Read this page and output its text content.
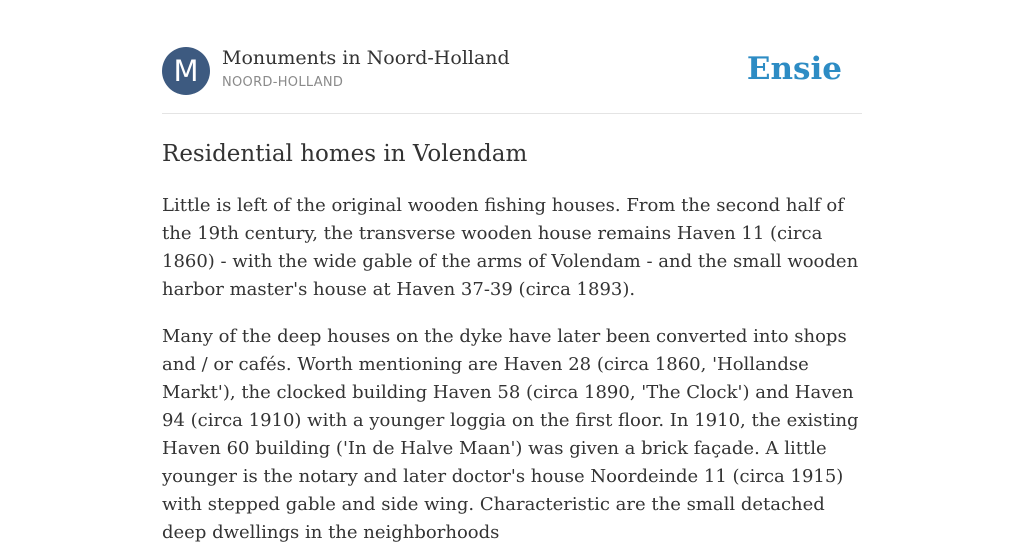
M	Monuments in Noord-Holland
NOORD-HOLLAND	Ensie
Residential homes in Volendam

Little is left of the original wooden fishing houses. From the second half of the 19th century, the transverse wooden house remains Haven 11 (circa 1860) - with the wide gable of the arms of Volendam - and the small wooden harbor master's house at Haven 37-39 (circa 1893).

Many of the deep houses on the dyke have later been converted into shops and / or cafés. Worth mentioning are Haven 28 (circa 1860, 'Hollandse Markt'), the clocked building Haven 58 (circa 1890, 'The Clock') and Haven 94 (circa 1910) with a younger loggia on the first floor. In 1910, the existing Haven 60 building ('In de Halve Maan') was given a brick façade. A little younger is the notary and later doctor's house Noordeinde 11 (circa 1915) with stepped gable and side wing. Characteristic are the small detached deep dwellings in the neighborhoods
